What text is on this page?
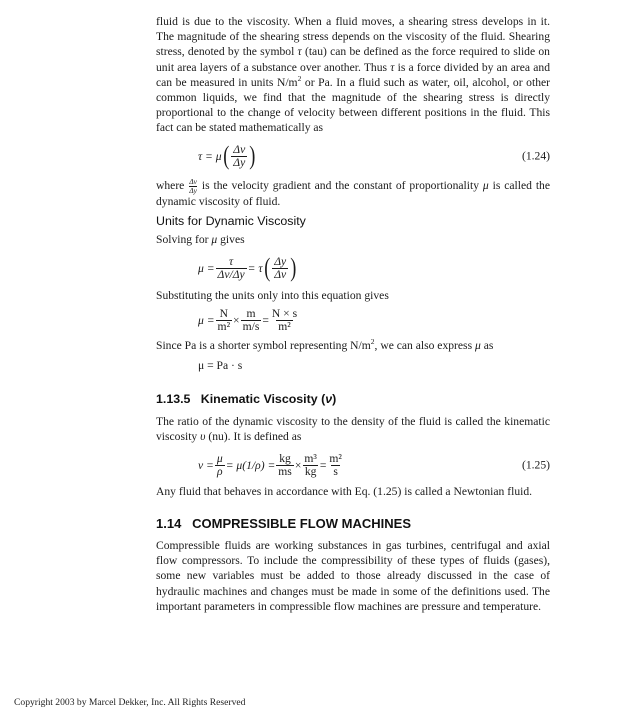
fluid is due to the viscosity. When a fluid moves, a shearing stress develops in it. The magnitude of the shearing stress depends on the viscosity of the fluid. Shearing stress, denoted by the symbol τ (tau) can be defined as the force required to slide on unit area layers of a substance over another. Thus τ is a force divided by an area and can be measured in units $N/m^2$ or Pa. In a fluid such as water, oil, alcohol, or other common liquids, we find that the magnitude of the shearing stress is directly proportional to the change of velocity between different positions in the fluid. This fact can be stated mathematically as

τ = μ ( $\frac{\Delta v}{\Delta y}$ )	(1.24)

where $\frac{\Delta v}{\Delta y}$ is the velocity gradient and the constant of proportionality μ is called the dynamic viscosity of fluid.

Units for Dynamic Viscosity

Solving for μ gives

$\mu = \frac{\tau}{\Delta v/\Delta y} = \tau$ ( $\frac{\Delta y}{\Delta v}$ )

Substituting the units only into this equation gives

$\mu = \frac{N}{\text{m²}} \times \frac{m}{m/s} = \frac{N \times s}{\text{m²}}$

Since Pa is a shorter symbol representing $N/m^2$, we can also express μ as

μ = Pa · s
1.13.5 Kinematic Viscosity (ν)

The ratio of the dynamic viscosity to the density of the fluid is called the kinematic viscosity υ (nu). It is defined as

$\nu = \frac{\mu}{\rho} = \mu(1/\rho) = \frac{kg}{ms} \times \frac{\text{m³}}{kg} = \frac{\text{m²}}{s}$	(1.25)

Any fluid that behaves in accordance with Eq. (1.25) is called a Newtonian fluid.

1.14 COMPRESSIBLE FLOW MACHINES

Compressible fluids are working substances in gas turbines, centrifugal and axial flow compressors. To include the compressibility of these types of fluids (gases), some new variables must be added to those already discussed in the case of hydraulic machines and changes must be made in some of the definitions used. The important parameters in compressible flow machines are pressure and temperature.

Copyright 2003 by Marcel Dekker, Inc. All Rights Reserved
